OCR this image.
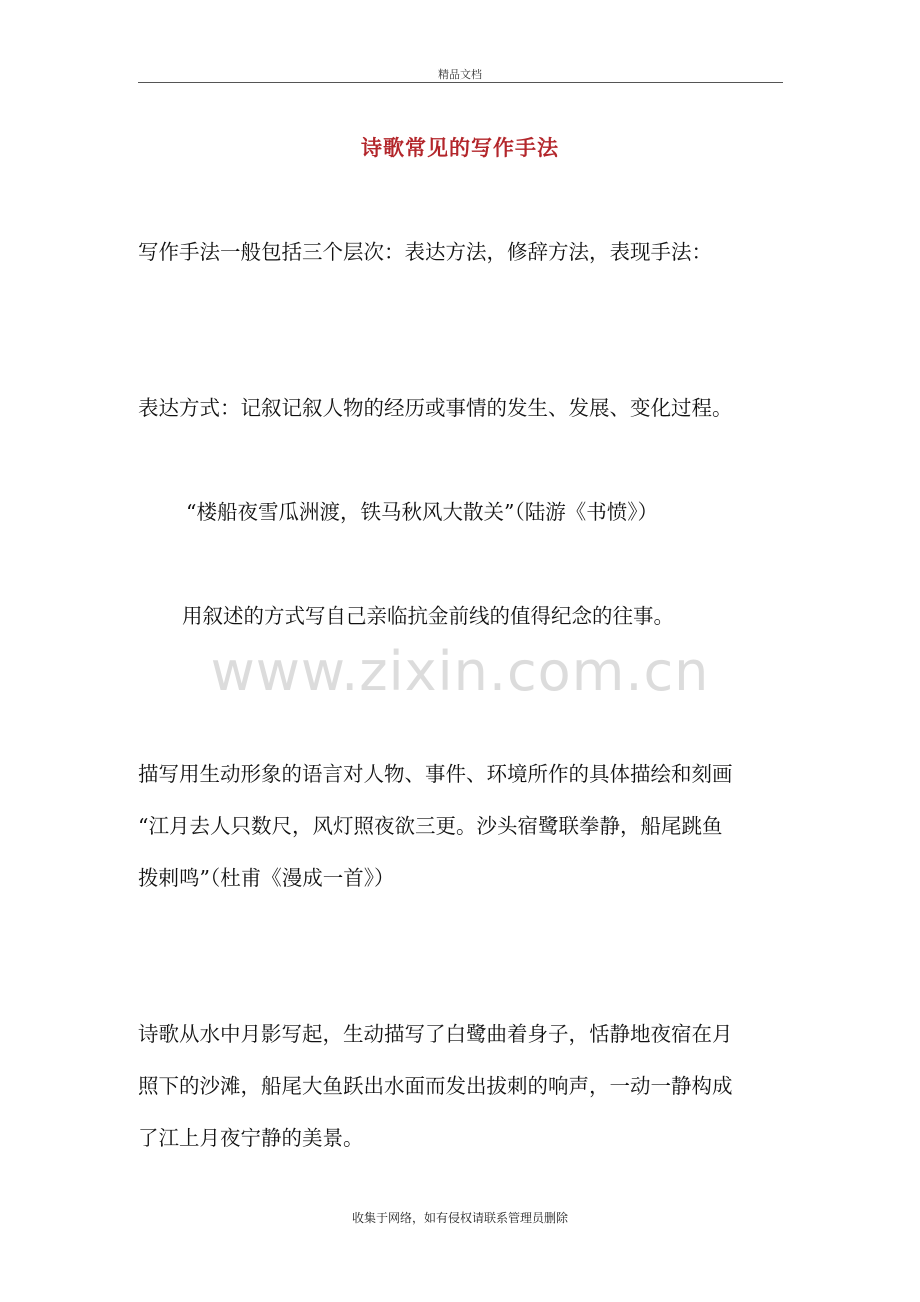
精品文档
诗歌常见的写作手法
写作手法一般包括三个层次：表达方法，修辞方法，表现手法：
表达方式：记叙记叙人物的经历或事情的发生、发展、变化过程。
“楼船夜雪瓜洲渡，铁马秋风大散关”（陆游《书愤》）
用叙述的方式写自己亲临抗金前线的值得纪念的往事。
www.zixin.com.cn
描写用生动形象的语言对人物、事件、环境所作的具体描绘和刻画
“江月去人只数尺，风灯照夜欲三更。沙头宿鹭联拳静，船尾跳鱼
拨剌鸣”（杜甫《漫成一首》）
诗歌从水中月影写起，生动描写了白鹭曲着身子，恬静地夜宿在月
照下的沙滩，船尾大鱼跃出水面而发出拔刺的响声，一动一静构成
了江上月夜宁静的美景。
收集于网络，如有侵权请联系管理员删除
